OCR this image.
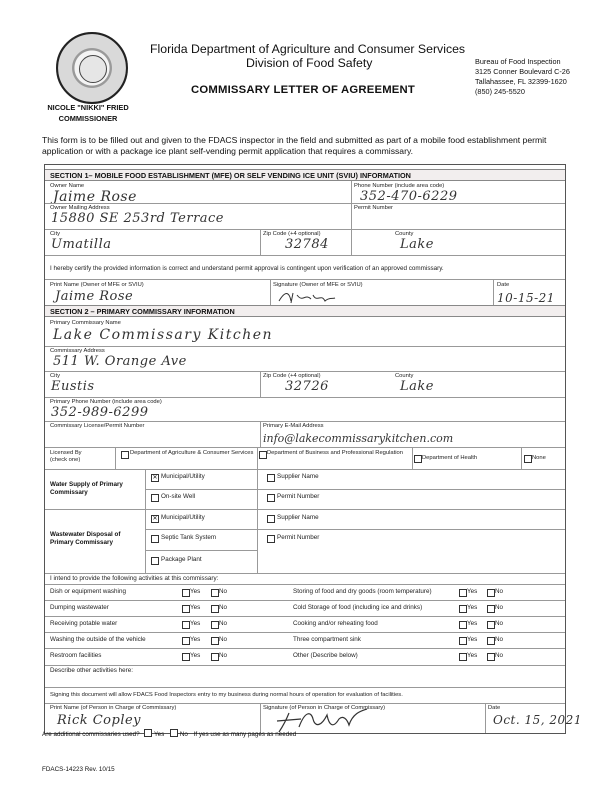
NICOLE "NIKKI" FRIED
COMMISSIONER
Florida Department of Agriculture and Consumer Services
Division of Food Safety
COMMISSARY LETTER OF AGREEMENT
Bureau of Food Inspection
3125 Conner Boulevard C-26
Tallahassee, FL 32399-1620
(850) 245-5520
This form is to be filled out and given to the FDACS inspector in the field and submitted as part of a mobile food establishment permit application or with a package ice plant self-vending permit application that requires a commissary.
SECTION 1– MOBILE FOOD ESTABLISHMENT (MFE) OR SELF VENDING ICE UNIT (SVIU) INFORMATION
Owner Name
Jaime Rose
Phone Number (include area code)
352-470-6229
Owner Mailing Address
15880 SE 253rd Terrace
Permit Number
City
Umatilla
Zip Code (+4 optional)
32784
County
Lake
I hereby certify the provided information is correct and understand permit approval is contingent upon verification of an approved commissary.
Print Name (Owner of MFE or SVIU)
Jaime Rose
Signature (Owner of MFE or SVIU)	Date
10-15-21
SECTION 2 – PRIMARY COMMISSARY INFORMATION
Primary Commissary Name
Lake Commissary Kitchen
Commissary Address
511 W. Orange Ave
City
Eustis
Zip Code (+4 optional)
32726
County
Lake
Primary Phone Number (include area code)
352-989-6299
Commissary License/Permit Number	Primary E-Mail Address
info@lakecommissarykitchen.com
Licensed By (check one)
Department of Agriculture & Consumer Services	Department of Business and Professional Regulation
Department of Health	None
Water Supply of Primary Commissary
✕ Municipal/Utility	Supplier Name
On-site Well	Permit Number
Wastewater Disposal of Primary Commissary
✕ Municipal/Utility	Supplier Name
Septic Tank System	Permit Number
Package Plant
I intend to provide the following activities at this commissary:
Dish or equipment washing	Yes	No	Storing of food and dry goods (room temperature)	Yes	No
Dumping wastewater	Yes	No	Cold Storage of food (including ice and drinks)	Yes	No
Receiving potable water	Yes	No	Cooking and/or reheating food	Yes	No
Washing the outside of the vehicle	Yes	No	Three compartment sink	Yes	No
Restroom facilities	Yes	No	Other (Describe below)	Yes	No
Describe other activities here:
Signing this document will allow FDACS Food Inspectors entry to my business during normal hours of operation for evaluation of facilities.
Print Name (of Person in Charge of Commissary)
Rick Copley
Signature (of Person in Charge of Commissary)	Date
Oct. 15, 2021
Are additional commissaries used? Yes No If yes use as many pages as needed
FDACS-14223 Rev. 10/15
